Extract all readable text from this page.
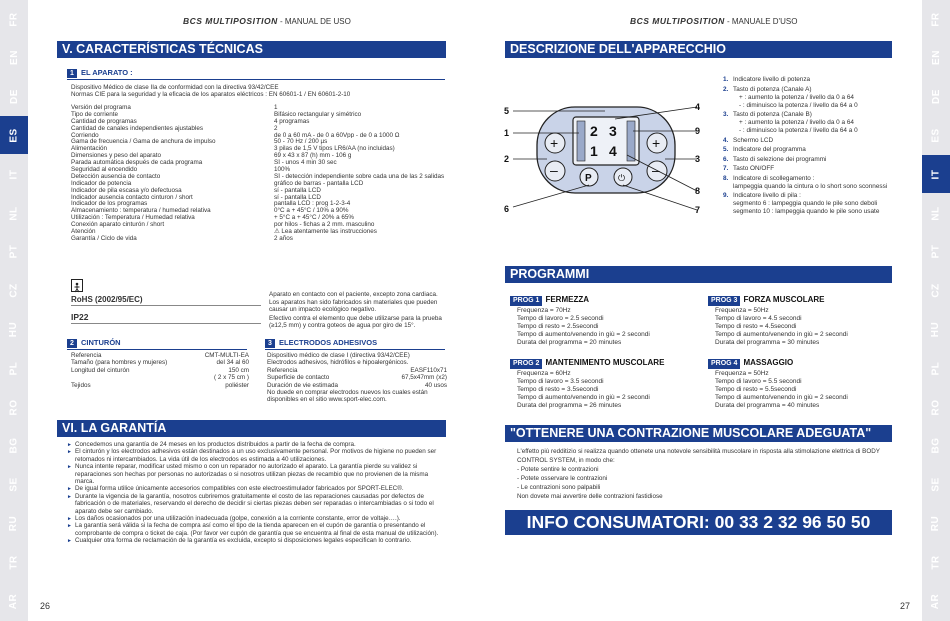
FR
EN
DE
ES
IT
NL
PT
CZ
HU
PL
RO
BG
SE
RU
TR
AR
BCS MULTIPOSITION - MANUAL DE USO
V. CARACTERÍSTICAS TÉCNICAS
1 EL APARATO :
Dispositivo Médico de clase IIa de conformidad con la directiva 93/42/CEE
Normas CIE para la seguridad y la eficacia de los aparatos eléctricos : EN 60601-1 / EN 60601-2-10
Versión del programa	1
Tipo de corriente	Bifásico rectangular y simétrico
Cantidad de programas	4 programas
Cantidad de canales independientes ajustables	2
Corriendo	de 0 a 60 mA - de 0 a 60Vpp - de 0 a 1000 Ω
Gama de frecuencia / Gama de anchura de impulso	50 - 70 Hz / 200 µs
Alimentación	3 pilas de 1,5 V tipos LR6/AA (no incluidas)
Dimensiones y peso del aparato	69 x 43 x 87 (h) mm - 106 g
Parada automática después de cada programa	SÍ - unos 4 min 30 sec
Seguridad al encendido	100%
Detección ausencia de contacto	SÍ - detección independiente sobre cada una de las 2 salidas
Indicador de potencia	gráfico de barras - pantalla LCD
Indicador de pila escasa y/o defectuosa	sí - pantalla LCD
Indicador ausencia contacto cinturon / short	sí - pantalla LCD
Indicador de los programas	pantalla LCD : prog 1-2-3-4
Almacenamiento : temperatura / humedad relativa	0°C a + 45°C / 10% a 90%
Utilización : Temperatura / Humedad relativa	+ 5°C a + 45°C / 20% a 65%
Conexión aparato cinturón / short	por hilos - fichas a 2 mm. masculino
Atención	⚠ Lea atentamente las instrucciones
Garantía / Ciclo de vida	2 años
Aparato en contacto con el paciente, excepto zona cardiaca.
RoHS (2002/95/EC)	Los aparatos han sido fabricados sin materiales que pueden causar un impacto ecológico negativo.
IP22	Efectivo contra el elemento que debe utilizarse para la prueba (≥12,5 mm) y contra goteos de agua por giro de 15°.
2 CINTURÓN
Referencia	CMT-MULTI-EA
Tamaño (para hombres y mujeres)	del 34 al 60
Longitud del cinturón	150 cm
( 2 x 75 cm )
Tejidos	poliéster
3 ELECTRODOS ADHESIVOS
Dispositivo médico de clase I (directiva 93/42/CEE)
Electrodos adhesivos, hidrófilos e hipoalergénicos.
Referencia	EASF110x71
Superficie de contacto	67,5x47mm (x2)
Duración de vie estimada	40 usos
No duede en comprar electrodos nuevos los cuales están
disponibles en el sitio www.sport-elec.com.
VI. LA GARANTÍA
► Concedemos una garantía de 24 meses en los productos distribuidos a partir de la fecha de compra.
► El cinturón y los electrodos adhesivos están destinados a un uso exclusivamente personal. Por motivos de higiene no pueden ser retomados ni intercambiados. La vida útil de los electrodos es estimada a 40 utilizaciones.
► Nunca intente reparar, modificar usted mismo o con un reparador no autorizado el aparato. La garantía pierde su validez si reparaciones son hechas por personas no autorizadas o si nosotros utilizan piezas de recambio que no provienen de la misma marca.
► De igual forma utilice únicamente accesorios compatibles con este electroestimulador fabricados por SPORT-ELEC®.
► Durante la vigencia de la garantía, nosotros cubriremos gratuitamente el costo de las reparaciones causadas por defectos de fabricación o de materiales, reservando el derecho de decidir si ciertas piezas deben ser reparadas o intercambiadas o si todo el aparato debe ser cambiado.
► Los daños ocasionados por una utilización inadecuada (golpe, conexión a la corriente constante, error de voltaje….).
► La garantía será válida si la fecha de compra así como el tipo de la tienda aparecen en el cupón de garantía o presentando el comprobante de compra o ticket de caja. (Por favor ver cupón de garantía que se encuentra al final de esta manual de utilización).
► Cualquier otra forma de reclamación de la garantía es excluida, excepto si disposiciones legales especifican lo contrario.
26
FR
EN
DE
ES
IT
NL
PT
CZ
HU
PL
RO
BG
SE
RU
TR
AR
BCS MULTIPOSITION - MANUALE D'USO
DESCRIZIONE DELL'APPARECCHIO
2 3
1 4
+
–
+
–
P	⏻
5
1
2
6
4
9
3
8
7
1. Indicatore livello di potenza
2. Tasto di potenza (Canale A)
+ : aumento la potenza / livello da 0 a 64
- : diminuisco la potenza / livello da 64 a 0
3. Tasto di potenza (Canale B)
+ : aumento la potenza / livello da 0 a 64
- : diminuisco la potenza / livello da 64 a 0
4. Schermo LCD
5. Indicatore del programma
6. Tasto di selezione dei programmi
7. Tasto ON/OFF
8. Indicatore di scollegamento :
lampeggia quando la cintura o lo short sono sconnessi
9. Indicatore livello di pila :
segmento 6 : lampeggia quando le pile sono deboli
segmento 10 : lampeggia quando le pile sono usate
PROGRAMMI
PROG 1 FERMEZZA
Frequenza = 70Hz
Tempo di lavoro = 2.5 secondi
Tempo di resto = 2.5secondi
Tempo di aumento/venendo in giù = 2 secondi
Durata del programma = 20 minutes
PROG 3 FORZA MUSCOLARE
Frequenza = 50Hz
Tempo di lavoro = 4.5 secondi
Tempo di resto = 4.5secondi
Tempo di aumento/venendo in giù = 2 secondi
Durata del programma = 30 minutes
PROG 2 MANTENIMENTO MUSCOLARE
Frequenza = 60Hz
Tempo di lavoro = 3.5 secondi
Tempo di resto = 3.5secondi
Tempo di aumento/venendo in giù = 2 secondi
Durata del programma = 26 minutes
PROG 4 MASSAGGIO
Frequenza = 50Hz
Tempo di lavoro = 5.5 secondi
Tempo di resto = 5.5secondi
Tempo di aumento/venendo in giù = 2 secondi
Durata del programma = 40 minutes
"OTTENERE UNA CONTRAZIONE MUSCOLARE ADEGUATA"
L'effetto più redditizio si realizza quando ottenete una notevole sensibilità muscolare in risposta alla stimolazione elettrica di BODY
CONTROL SYSTEM, in modo che:
- Potete sentire le contrazioni
- Potete osservare le contrazioni
- Le contrazioni sono palpabili
Non dovete mai avvertire delle contrazioni fastidiose
INFO CONSUMATORI: 00 33 2 32 96 50 50
27
